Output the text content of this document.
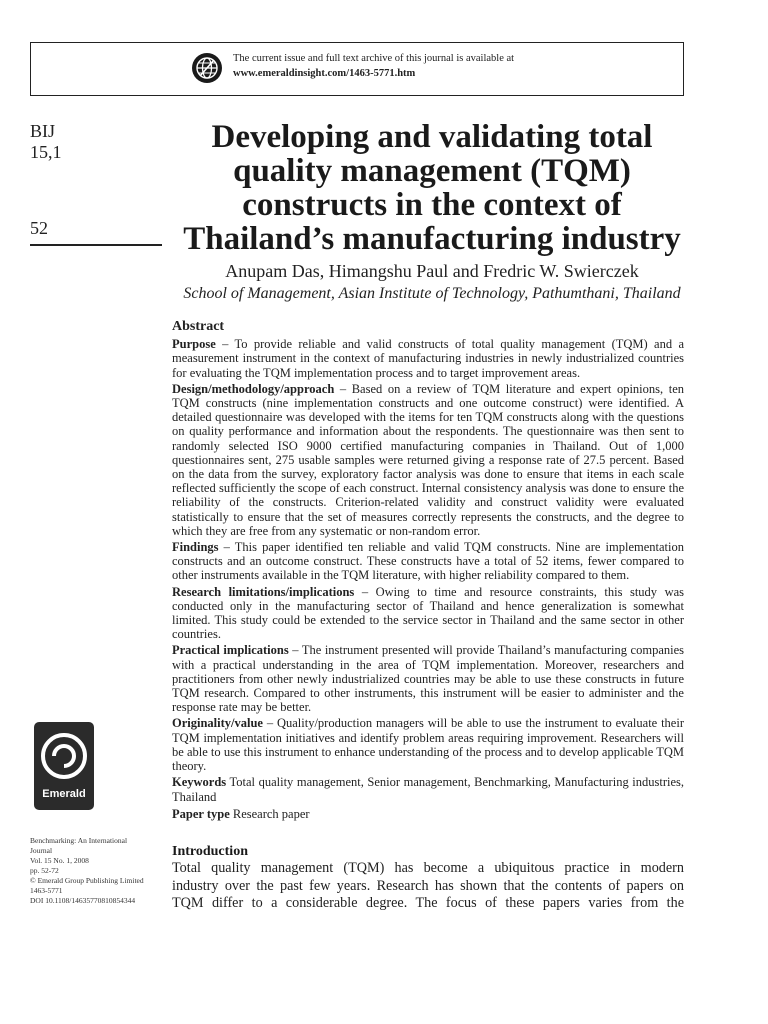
The current issue and full text archive of this journal is available at
www.emeraldinsight.com/1463-5771.htm
BIJ
15,1
52
Developing and validating total quality management (TQM) constructs in the context of Thailand’s manufacturing industry
Anupam Das, Himangshu Paul and Fredric W. Swierczek
School of Management, Asian Institute of Technology, Pathumthani, Thailand
Abstract

Purpose – To provide reliable and valid constructs of total quality management (TQM) and a measurement instrument in the context of manufacturing industries in newly industrialized countries for evaluating the TQM implementation process and to target improvement areas.

Design/methodology/approach – Based on a review of TQM literature and expert opinions, ten TQM constructs (nine implementation constructs and one outcome construct) were identified. A detailed questionnaire was developed with the items for ten TQM constructs along with the questions on quality performance and information about the respondents. The questionnaire was then sent to randomly selected ISO 9000 certified manufacturing companies in Thailand. Out of 1,000 questionnaires sent, 275 usable samples were returned giving a response rate of 27.5 percent. Based on the data from the survey, exploratory factor analysis was done to ensure that items in each scale reflected sufficiently the scope of each construct. Internal consistency analysis was done to ensure the reliability of the constructs. Criterion-related validity and construct validity were evaluated statistically to ensure that the set of measures correctly represents the constructs, and the degree to which they are free from any systematic or non-random error.

Findings – This paper identified ten reliable and valid TQM constructs. Nine are implementation constructs and an outcome construct. These constructs have a total of 52 items, fewer compared to other instruments available in the TQM literature, with higher reliability compared to them.

Research limitations/implications – Owing to time and resource constraints, this study was conducted only in the manufacturing sector of Thailand and hence generalization is somewhat limited. This study could be extended to the service sector in Thailand and the same sector in other countries.

Practical implications – The instrument presented will provide Thailand’s manufacturing companies with a practical understanding in the area of TQM implementation. Moreover, researchers and practitioners from other newly industrialized countries may be able to use these constructs in future TQM research. Compared to other instruments, this instrument will be easier to administer and the response rate may be better.

Originality/value – Quality/production managers will be able to use the instrument to evaluate their TQM implementation initiatives and identify problem areas requiring improvement. Researchers will be able to use this instrument to enhance understanding of the process and to develop applicable TQM theory.

Keywords Total quality management, Senior management, Benchmarking, Manufacturing industries, Thailand

Paper type Research paper

Emerald
Benchmarking: An International
Journal
Vol. 15 No. 1, 2008
pp. 52-72
© Emerald Group Publishing Limited
1463-5771
DOI 10.1108/14635770810854344
Introduction

Total quality management (TQM) has become a ubiquitous practice in modern

industry over the past few years. Research has shown that the contents of papers on

TQM differ to a considerable degree. The focus of these papers varies from the
